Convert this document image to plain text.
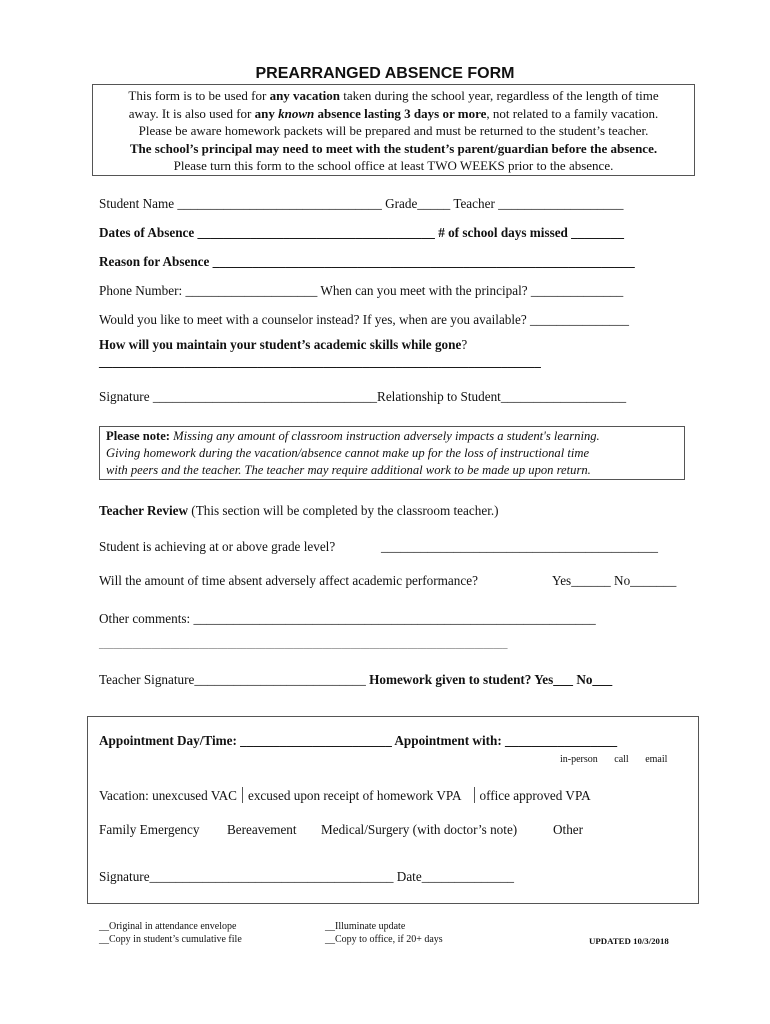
PREARRANGED ABSENCE FORM
This form is to be used for any vacation taken during the school year, regardless of the length of time
away. It is also used for any known absence lasting 3 days or more, not related to a family vacation.
Please be aware homework packets will be prepared and must be returned to the student’s teacher.
The school’s principal may need to meet with the student’s parent/guardian before the absence.
Please turn this form to the school office at least TWO WEEKS prior to the absence.
Student Name _______________________________ Grade_____ Teacher ___________________
Dates of Absence ____________________________________ # of school days missed ________
Reason for Absence ________________________________________________________________
Phone Number: ____________________ When can you meet with the principal? ______________
Would you like to meet with a counselor instead? If yes, when are you available? _______________
How will you maintain your student’s academic skills while gone?
___________________________________________________________________
Signature __________________________________Relationship to Student___________________
Please note: Missing any amount of classroom instruction adversely impacts a student's learning.
Giving homework during the vacation/absence cannot make up for the loss of instructional time
with peers and the teacher. The teacher may require additional work to be made up upon return.
Teacher Review (This section will be completed by the classroom teacher.)
Student is achieving at or above grade level?	__________________________________________
Will the amount of time absent adversely affect academic performance?	Yes______ No_______
Other comments: _____________________________________________________________
______________________________________________________________________________________
Teacher Signature__________________________ Homework given to student? Yes___ No___
Appointment Day/Time: _______________________ Appointment with: _________________
in-person call email
Vacation: unexcused VAC excused upon receipt of homework VPA office approved VPA
Family Emergency Bereavement Medical/Surgery (with doctor’s note)	Other
Signature_____________________________________ Date______________
__Original in attendance envelope
__Copy in student’s cumulative file
__Illuminate update
__Copy to office, if 20+ days	UPDATED 10/3/2018
